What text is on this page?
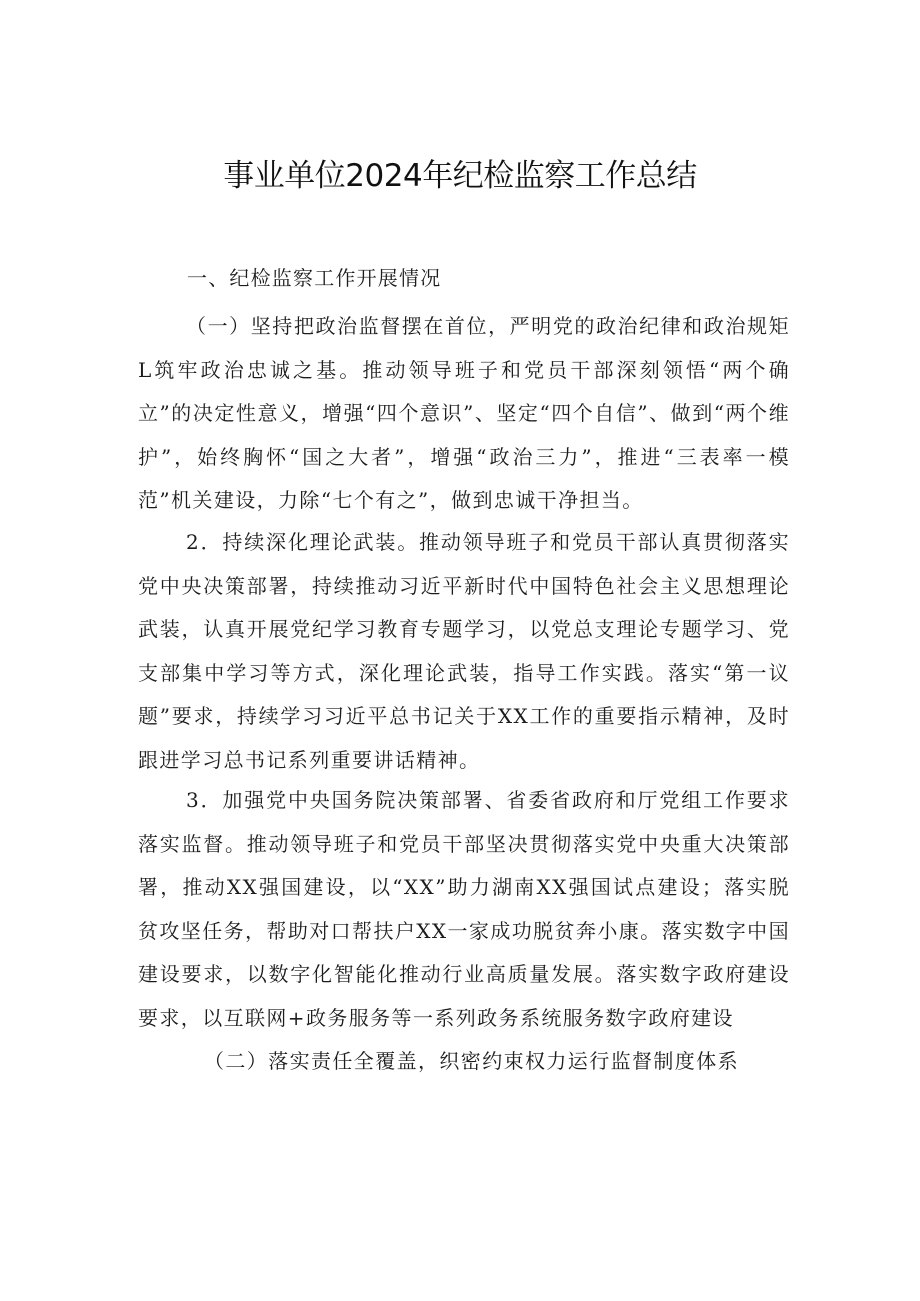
事业单位2024年纪检监察工作总结
一、纪检监察工作开展情况

（一）坚持把政治监督摆在首位，严明党的政治纪律和政治规矩L筑牢政治忠诚之基。推动领导班子和党员干部深刻领悟“两个确立”的决定性意义，增强“四个意识”、坚定“四个自信”、做到“两个维护”，始终胸怀“国之大者”，增强“政治三力”，推进“三表率一模范”机关建设，力除“七个有之”，做到忠诚干净担当。

2．持续深化理论武装。推动领导班子和党员干部认真贯彻落实党中央决策部署，持续推动习近平新时代中国特色社会主义思想理论武装，认真开展党纪学习教育专题学习，以党总支理论专题学习、党支部集中学习等方式，深化理论武装，指导工作实践。落实“第一议题”要求，持续学习习近平总书记关于XX工作的重要指示精神，及时跟进学习总书记系列重要讲话精神。

3．加强党中央国务院决策部署、省委省政府和厅党组工作要求落实监督。推动领导班子和党员干部坚决贯彻落实党中央重大决策部署，推动XX强国建设，以“XX”助力湖南XX强国试点建设；落实脱贫攻坚任务，帮助对口帮扶户XX一家成功脱贫奔小康。落实数字中国建设要求，以数字化智能化推动行业高质量发展。落实数字政府建设要求，以互联网+政务服务等一系列政务系统服务数字政府建设

（二）落实责任全覆盖，织密约束权力运行监督制度体系
